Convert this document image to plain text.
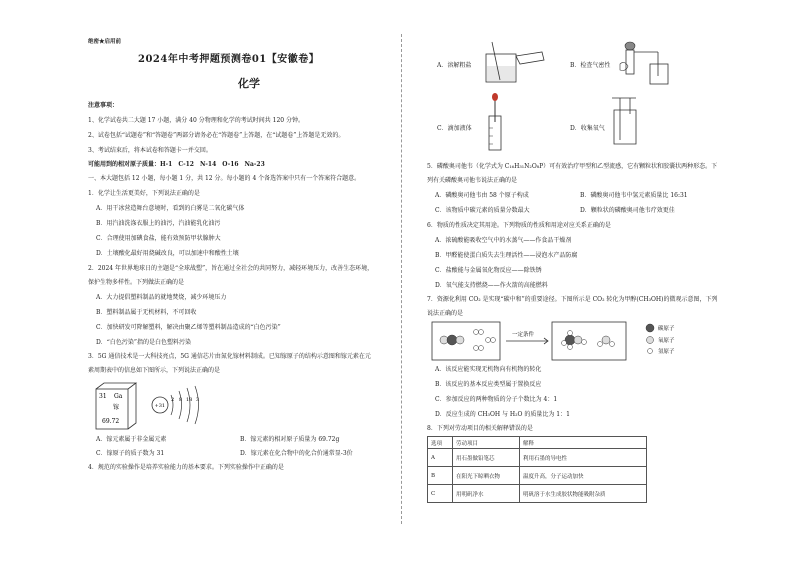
绝密★启用前
2024年中考押题预测卷01【安徽卷】
化学
注意事项：
1、化学试卷共二大题 17 小题，满分 40 分物理和化学的考试时间共 120 分钟。
2、试卷包括“试题卷”和“答题卷”两部分请务必在“答题卷”上答题，在“试题卷”上答题是无效的。
3、考试结束后，将本试卷和答题卡一并交回。
可能用到的相对原子质量：H-1　C-12　N-14　O-16　Na-23
一、本大题包括 12 小题，每小题 1 分，共 12 分。每小题的 4 个备选答案中只有一个答案符合题意。
1．化学让生活更美好，下列说法正确的是
A．用干冰营造舞台意境时，看到的白雾是二氧化碳气体
B．用汽油洗涤衣服上的油污，汽油能乳化油污
C．合理使用加碘食盐，能有效预防甲状腺肿大
D．土壤酸化最好用烧碱改良，可以加速中和酸性土壤
2．2024 年世界地球日的主题是“全球战塑”，旨在通过全社会的共同努力，减轻环境压力，改善生态环境，
保护生物多样性。下列做法正确的是
A．大力提倡塑料制品的就地焚烧，减少环境压力
B．塑料制品属于无机材料，不可回收
C．加快研发可降解塑料，解决由聚乙烯等塑料制品造成的“白色污染”
D．“白色污染”指的是白色塑料污染
3．5G 通信技术是一大科技亮点，5G 通信芯片由氮化镓材料制成。已知镓原子的结构示意图和镓元素在元
素周期表中的信息如下图所示，下列说法正确的是
31 Ga
镓
69.72
+31
2 8 18 3
A．镓元素属于非金属元素	B．镓元素的相对原子质量为 69.72g
C．镓原子的质子数为 31	D．镓元素在化合物中的化合价通常显-3价
4．规范的实验操作是培养实验能力的基本要求。下列实验操作中正确的是
A．溶解粗盐	B．检查气密性
C．滴加液体	D．收集氧气
5．磷酸奥司他韦（化学式为 C₁₆H₃₁N₂O₈P）可有效治疗甲型和乙型流感，它有颗粒状和胶囊状两种形态。下
列有关磷酸奥司他韦说法正确的是
A．磷酸奥司他韦由 58 个原子构成	B．磷酸奥司他韦中氢元素质量比 16:31
C．该物质中碳元素的质量分数最大	D．颗粒状的磷酸奥司他韦疗效更佳
6．物质的性质决定其用途。下列物质的性质和用途对应关系正确的是
A．浓硫酸能吸收空气中的水蒸气——作食品干燥剂
B．甲醛能使蛋白质失去生理活性——浸泡水产品防腐
C．盐酸能与金属氧化物反应——除铁锈
D．氧气能支持燃烧——作火箭的高能燃料
7．资源化利用 CO₂ 是实现“碳中和”的重要途径。下图所示是 CO₂ 转化为甲醇(CH₃OH)的微观示意图，下列
说法正确的是
一定条件
碳原子
氧原子
氢原子
A．该反应能实现无机物向有机物的转化
B．该反应的基本反应类型属于置换反应
C．参加反应的两种物质的分子个数比为 4：1
D．反应生成的 CH₃OH 与 H₂O 的质量比为 1：1
8．下列对劳动项目的相关解释错误的是
选项	劳动项目	解释
A	用石墨做铅笔芯	利用石墨的导电性
B	在阳光下晾晒衣物	温度升高，分子运动加快
C	用明矾净水	明矾溶于水生成胶状物能吸附杂质
